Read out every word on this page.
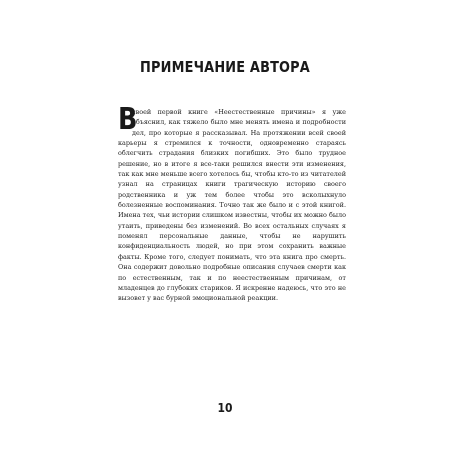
ПРИМЕЧАНИЕ АВТОРА

В
своей первой книге «Неестественные причины» я уже объяснил, как тяжело было мне менять имена и подробности дел, про которые я рассказывал. На протяжении всей своей карьеры я стремился к точности, одновременно стараясь облегчить страдания близких погибших. Это было трудное решение, но в итоге я все-таки решился внести эти изменения, так как мне меньше всего хотелось бы, чтобы кто-то из читателей узнал на страницах книги трагическую историю своего родственника и уж тем более чтобы это всколыхнуло болезненные воспоминания. Точно так же было и с этой книгой. Имена тех, чьи истории слишком известны, чтобы их можно было утаить, приведены без изменений. Во всех остальных случаях я поменял персональные данные, чтобы не нарушить конфиденциальность людей, но при этом сохранить важные факты. Кроме того, следует понимать, что эта книга про смерть. Она содержит довольно подробные описания случаев смерти как по естественным, так и по неестественным причинам, от младенцев до глубоких стариков. Я искренне надеюсь, что это не вызовет у вас бурной эмоциональной реакции.

10
